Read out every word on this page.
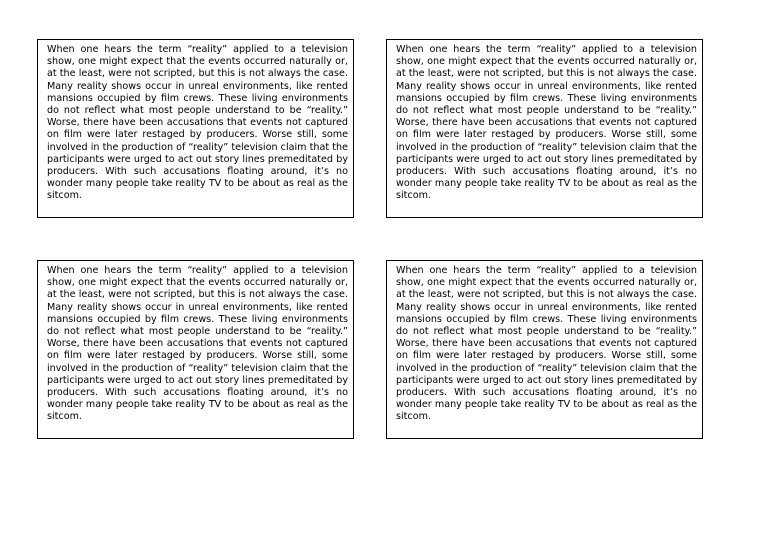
When one hears the term “reality” applied to a television show, one might expect that the events occurred naturally or, at the least, were not scripted, but this is not always the case. Many reality shows occur in unreal environments, like rented mansions occupied by film crews. These living environments do not reflect what most people understand to be “reality.” Worse, there have been accusations that events not captured on film were later restaged by producers. Worse still, some involved in the production of “reality” television claim that the participants were urged to act out story lines premeditated by producers. With such accusations floating around, it’s no wonder many people take reality TV to be about as real as the sitcom.

When one hears the term “reality” applied to a television show, one might expect that the events occurred naturally or, at the least, were not scripted, but this is not always the case. Many reality shows occur in unreal environments, like rented mansions occupied by film crews. These living environments do not reflect what most people understand to be “reality.” Worse, there have been accusations that events not captured on film were later restaged by producers. Worse still, some involved in the production of “reality” television claim that the participants were urged to act out story lines premeditated by producers. With such accusations floating around, it’s no wonder many people take reality TV to be about as real as the sitcom.

When one hears the term “reality” applied to a television show, one might expect that the events occurred naturally or, at the least, were not scripted, but this is not always the case. Many reality shows occur in unreal environments, like rented mansions occupied by film crews. These living environments do not reflect what most people understand to be “reality.” Worse, there have been accusations that events not captured on film were later restaged by producers. Worse still, some involved in the production of “reality” television claim that the participants were urged to act out story lines premeditated by producers. With such accusations floating around, it’s no wonder many people take reality TV to be about as real as the sitcom.

When one hears the term “reality” applied to a television show, one might expect that the events occurred naturally or, at the least, were not scripted, but this is not always the case. Many reality shows occur in unreal environments, like rented mansions occupied by film crews. These living environments do not reflect what most people understand to be “reality.” Worse, there have been accusations that events not captured on film were later restaged by producers. Worse still, some involved in the production of “reality” television claim that the participants were urged to act out story lines premeditated by producers. With such accusations floating around, it’s no wonder many people take reality TV to be about as real as the sitcom.
